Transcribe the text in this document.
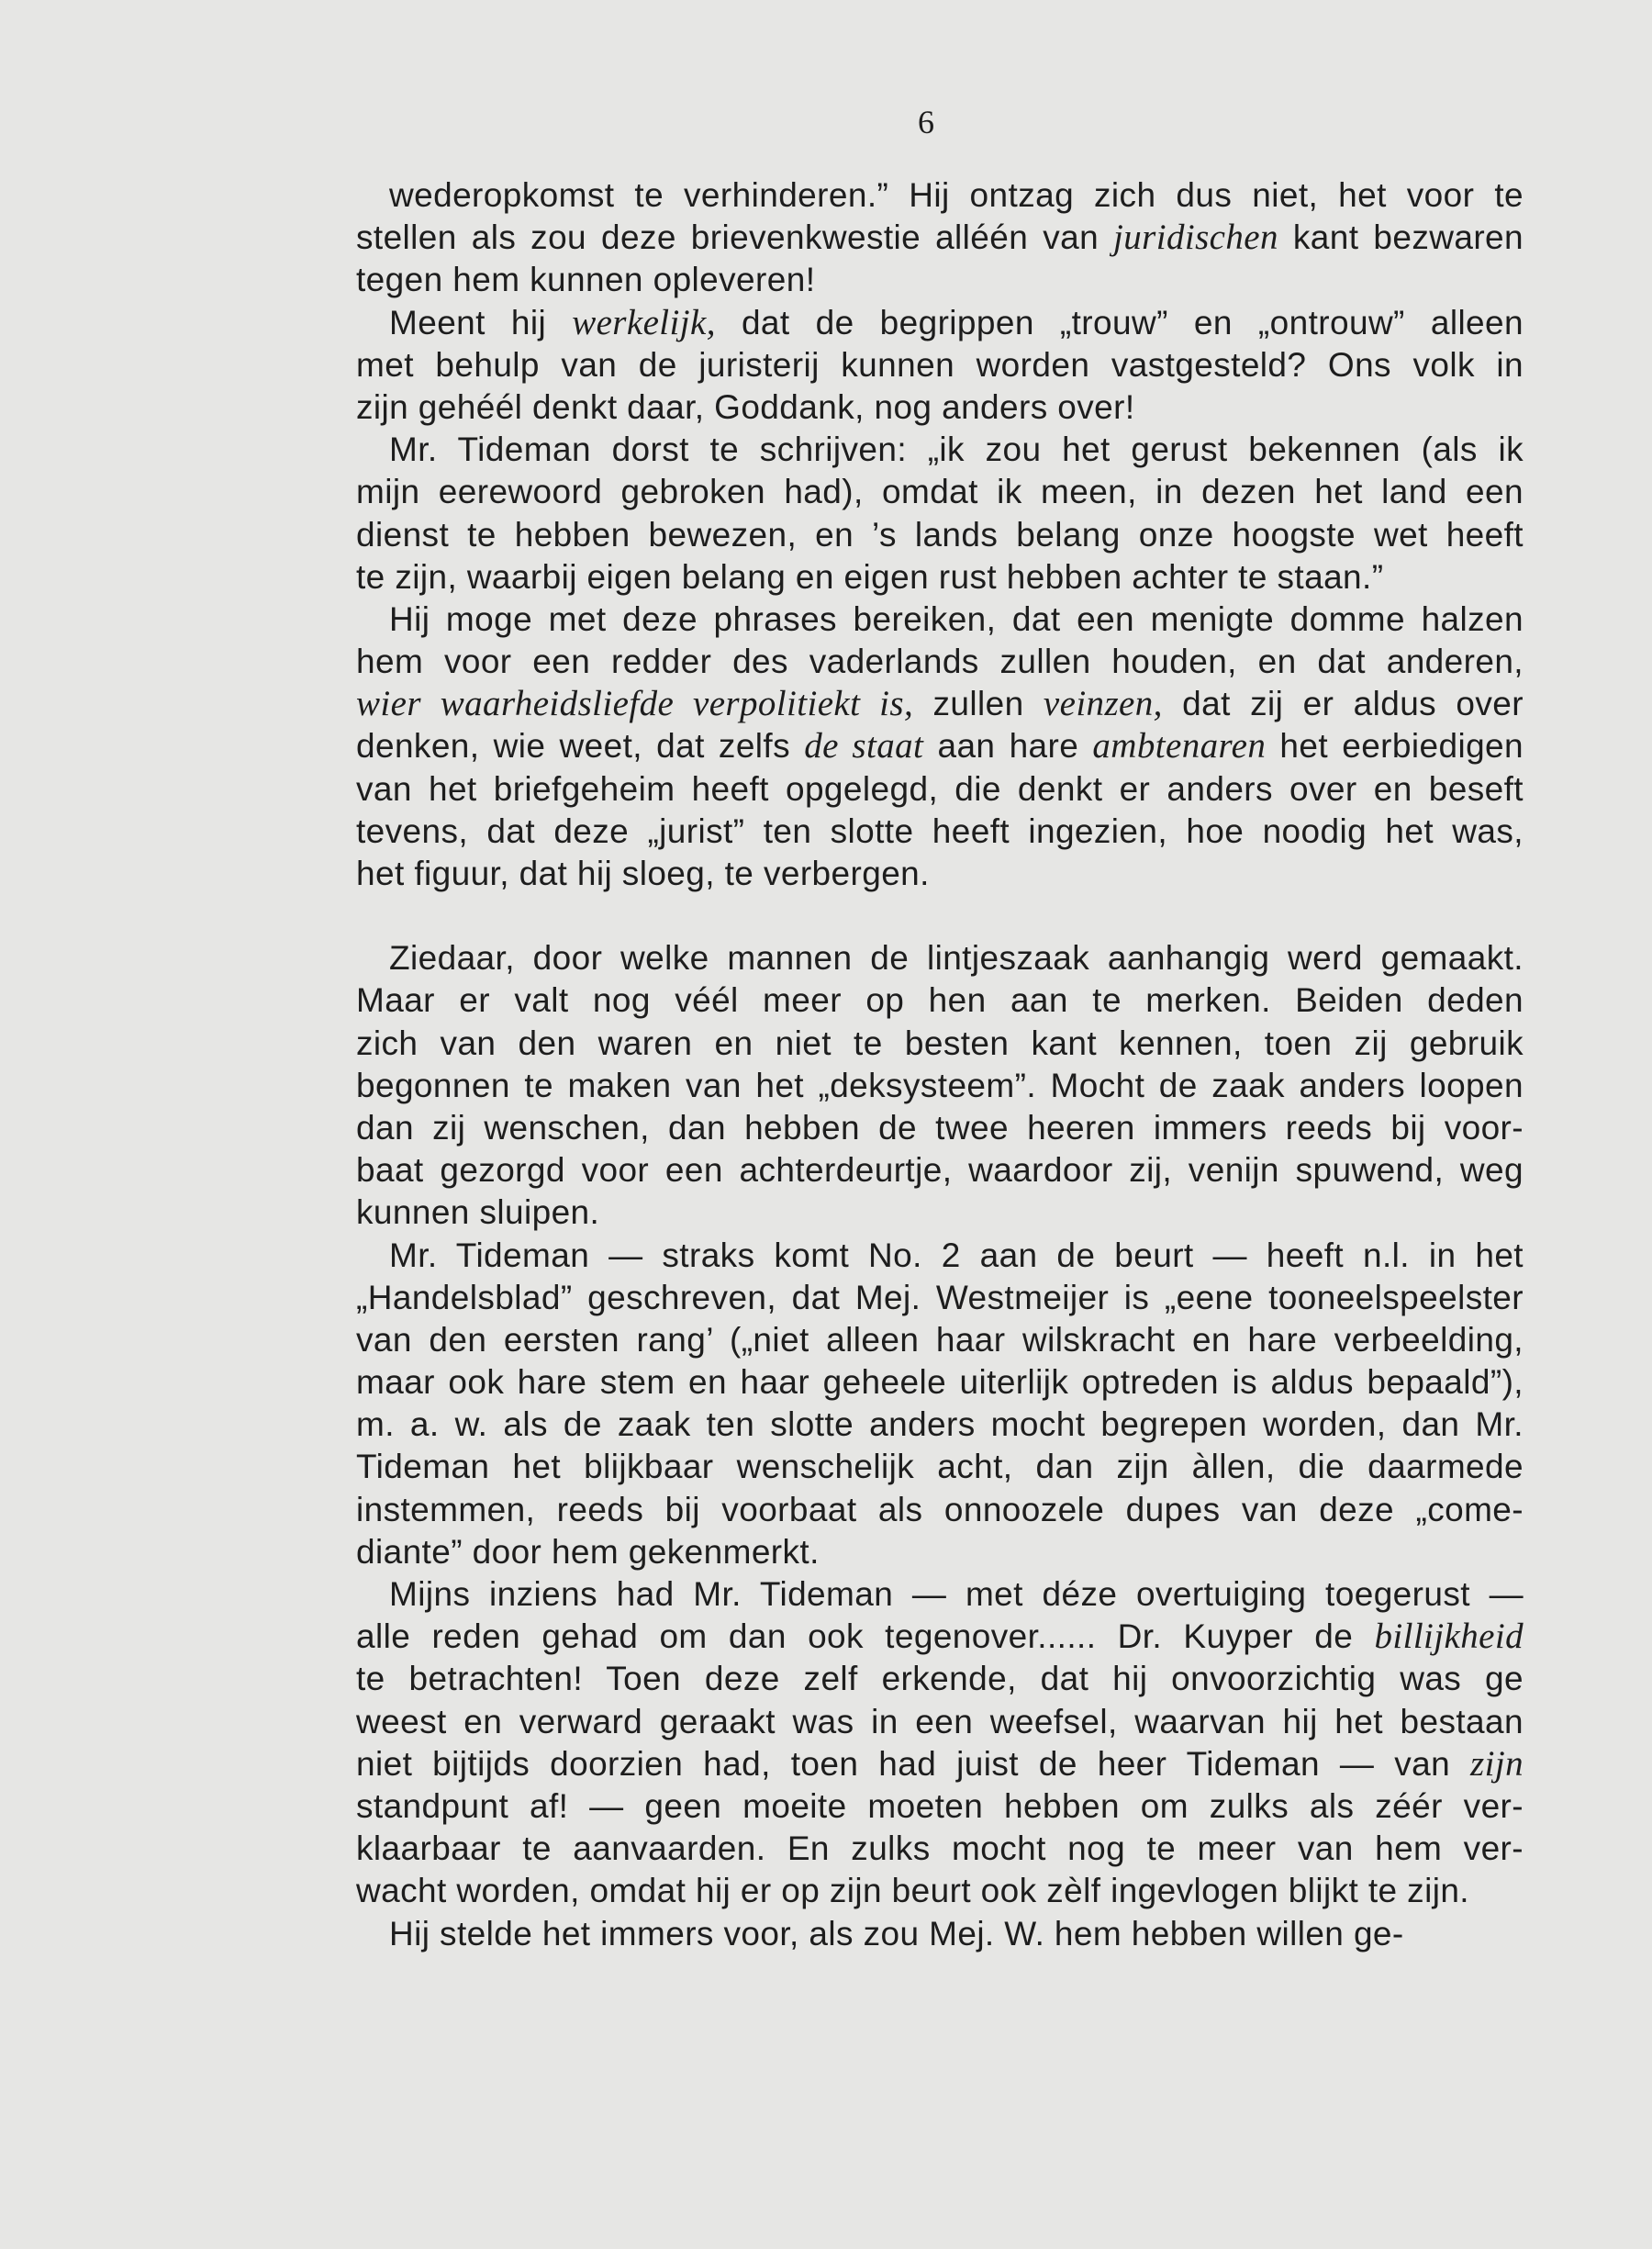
6
wederopkomst te verhinderen.” Hij ontzag zich dus niet, het voor te
stellen als zou deze brievenkwestie alléén van juridischen kant bezwaren
tegen hem kunnen opleveren!
Meent hij werkelijk, dat de begrippen „trouw” en „ontrouw” alleen
met behulp van de juristerij kunnen worden vastgesteld? Ons volk in
zijn gehéél denkt daar, Goddank, nog anders over!
Mr. Tideman dorst te schrijven: „ik zou het gerust bekennen (als ik
mijn eerewoord gebroken had), omdat ik meen, in dezen het land een
dienst te hebben bewezen, en ’s lands belang onze hoogste wet heeft
te zijn, waarbij eigen belang en eigen rust hebben achter te staan.”
Hij moge met deze phrases bereiken, dat een menigte domme halzen
hem voor een redder des vaderlands zullen houden, en dat anderen,
wier waarheidsliefde verpolitiekt is, zullen veinzen, dat zij er aldus over
denken, wie weet, dat zelfs de staat aan hare ambtenaren het eerbiedigen
van het briefgeheim heeft opgelegd, die denkt er anders over en beseft
tevens, dat deze „jurist” ten slotte heeft ingezien, hoe noodig het was,
het figuur, dat hij sloeg, te verbergen.
Ziedaar, door welke mannen de lintjeszaak aanhangig werd gemaakt.
Maar er valt nog véél meer op hen aan te merken. Beiden deden
zich van den waren en niet te besten kant kennen, toen zij gebruik
begonnen te maken van het „deksysteem”. Mocht de zaak anders loopen
dan zij wenschen, dan hebben de twee heeren immers reeds bij voor-
baat gezorgd voor een achterdeurtje, waardoor zij, venijn spuwend, weg
kunnen sluipen.
Mr. Tideman — straks komt No. 2 aan de beurt — heeft n.l. in het
„Handelsblad” geschreven, dat Mej. Westmeijer is „eene tooneelspeelster
van den eersten rang’ („niet alleen haar wilskracht en hare verbeelding,
maar ook hare stem en haar geheele uiterlijk optreden is aldus bepaald”),
m. a. w. als de zaak ten slotte anders mocht begrepen worden, dan Mr.
Tideman het blijkbaar wenschelijk acht, dan zijn àllen, die daarmede
instemmen, reeds bij voorbaat als onnoozele dupes van deze „come-
diante” door hem gekenmerkt.
Mijns inziens had Mr. Tideman — met déze overtuiging toegerust —
alle reden gehad om dan ook tegenover...... Dr. Kuyper de billijkheid
te betrachten! Toen deze zelf erkende, dat hij onvoorzichtig was ge
weest en verward geraakt was in een weefsel, waarvan hij het bestaan
niet bijtijds doorzien had, toen had juist de heer Tideman — van zijn
standpunt af! — geen moeite moeten hebben om zulks als zéér ver-
klaarbaar te aanvaarden. En zulks mocht nog te meer van hem ver-
wacht worden, omdat hij er op zijn beurt ook zèlf ingevlogen blijkt te zijn.
Hij stelde het immers voor, als zou Mej. W. hem hebben willen ge-
